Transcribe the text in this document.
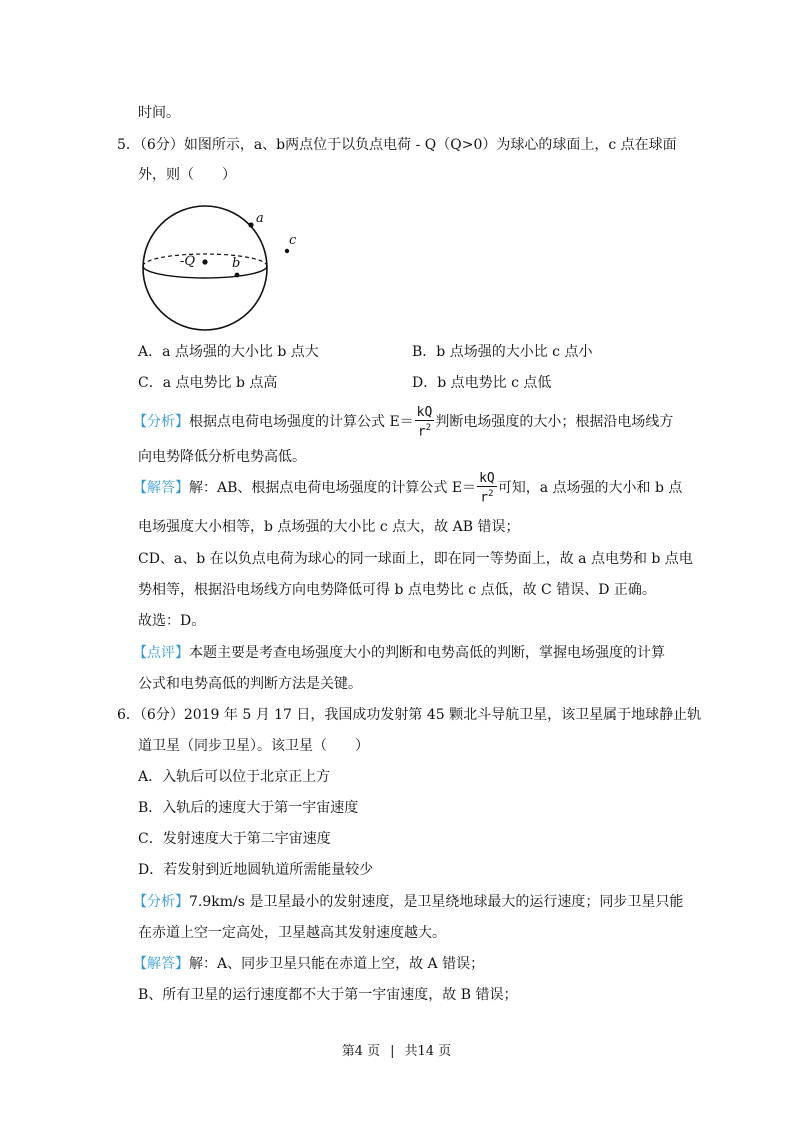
时间。
5．（6分）如图所示，a、b两点位于以负点电荷 - Q（Q>0）为球心的球面上，c 点在球面
外，则（　　）
a
c
-Q	b
A．a 点场强的大小比 b 点大	B．b 点场强的大小比 c 点小
C．a 点电势比 b 点高	D．b 点电势比 c 点低
【分析】根据点电荷电场强度的计算公式 $E= \frac{kQ}{r^2}$ 判断电场强度的大小；根据沿电场线方
向电势降低分析电势高低。
【解答】解：AB、根据点电荷电场强度的计算公式 $E= \frac{kQ}{r^2}$ 可知，a 点场强的大小和 b 点
电场强度大小相等，b 点场强的大小比 c 点大，故 AB 错误；
CD、a、b 在以负点电荷为球心的同一球面上，即在同一等势面上，故 a 点电势和 b 点电
势相等，根据沿电场线方向电势降低可得 b 点电势比 c 点低，故 C 错误、D 正确。
故选：D。
【点评】本题主要是考查电场强度大小的判断和电势高低的判断，掌握电场强度的计算
公式和电势高低的判断方法是关键。
6．（6分）2019 年 5 月 17 日，我国成功发射第 45 颗北斗导航卫星，该卫星属于地球静止轨
道卫星（同步卫星）。该卫星（　　）
A．入轨后可以位于北京正上方
B．入轨后的速度大于第一宇宙速度
C．发射速度大于第二宇宙速度
D．若发射到近地圆轨道所需能量较少
【分析】7.9km/s 是卫星最小的发射速度，是卫星绕地球最大的运行速度；同步卫星只能
在赤道上空一定高处，卫星越高其发射速度越大。
【解答】解：A、同步卫星只能在赤道上空，故 A 错误；
B、所有卫星的运行速度都不大于第一宇宙速度，故 B 错误；
第4 页 | 共14 页
